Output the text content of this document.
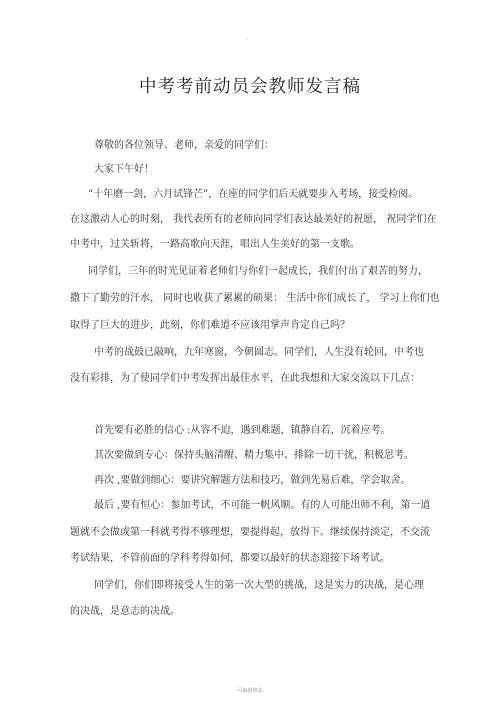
.
中考考前动员会教师发言稿
尊敬的各位领导、老师，亲爱的同学们：
大家下午好！
“十年磨一剑，六月试锋芒”，在座的同学们后天就要步入考场，接受检阅。
在这激动人心的时刻， 我代表所有的老师向同学们表达最美好的祝愿， 祝同学们在
中考中，过关斩将，一路高歌向天涯，唱出人生美好的第一支歌。
同学们，三年的时光见证着老师们与你们一起成长，我们付出了艰苦的努力，
撒下了勤劳的汗水， 同时也收获了累累的硕果： 生活中你们成长了， 学习上你们也
取得了巨大的进步，此刻，你们难道不应该用掌声肯定自己吗？
中考的战鼓已敲响，九年寒窗，今朝圆志。同学们，人生没有轮回，中考也
没有彩排，为了使同学们中考发挥出最佳水平，在此我想和大家交流以下几点：
首先要有必胜的信心 :从容不迫，遇到难题，镇静自若，沉着应考。
其次要做到专心：保持头脑清醒、精力集中、排除一切干扰，积极思考。
再次 ,要做到细心：要讲究解题方法和技巧，做到先易后难，学会取舍。
最后 ,要有恒心：参加考试，不可能一帆风顺。有的人可能出师不利，第一道
题就不会做或第一科就考得不够理想，要提得起，放得下。继续保持淡定，不交流
考试结果，不管前面的学科考得如何，都要以最好的状态迎接下场考试。
同学们，你们即将接受人生的第一次大型的挑战，这是实力的决战，是心理
的决战，是意志的决战。
-可编辑修改-
